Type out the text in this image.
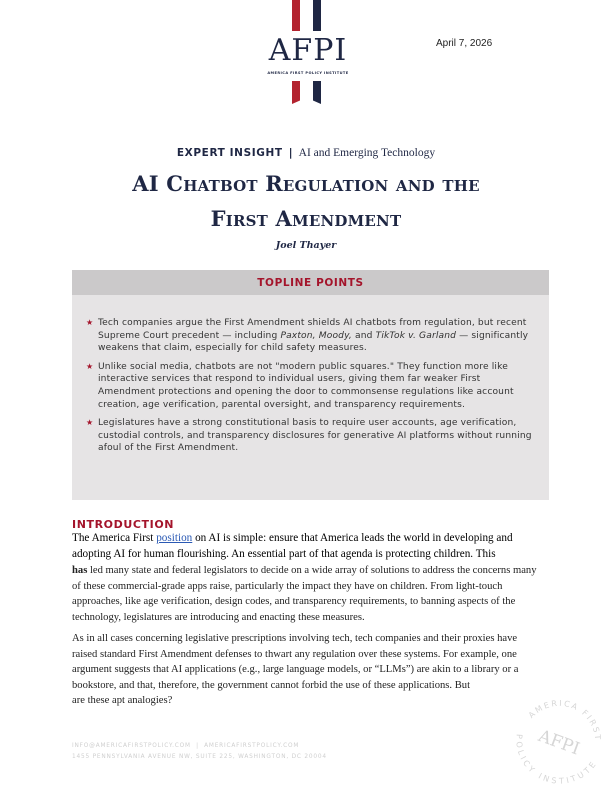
AFPI
AMERICA FIRST POLICY INSTITUTE
April 7, 2026
EXPERT INSIGHT | AI and Emerging Technology
AI Chatbot Regulation and the
First Amendment
Joel Thayer
TOPLINE POINTS
★ Tech companies argue the First Amendment shields AI chatbots from regulation, but recent Supreme Court precedent — including Paxton, Moody, and TikTok v. Garland — significantly weakens that claim, especially for child safety measures.
★ Unlike social media, chatbots are not "modern public squares." They function more like interactive services that respond to individual users, giving them far weaker First Amendment protections and opening the door to commonsense regulations like account creation, age verification, parental oversight, and transparency requirements.
★ Legislatures have a strong constitutional basis to require user accounts, age verification, custodial controls, and transparency disclosures for generative AI platforms without running afoul of the First Amendment.
INTRODUCTION
The America First position on AI is simple: ensure that America leads the world in developing and adopting AI for human flourishing. An essential part of that agenda is protecting children. This
has led many state and federal legislators to decide on a wide array of solutions to address the concerns many of these commercial-grade apps raise, particularly the impact they have on children. From light-touch approaches, like age verification, design codes, and transparency requirements, to banning aspects of the technology, legislatures are introducing and enacting these measures.
As in all cases concerning legislative prescriptions involving tech, tech companies and their proxies have raised standard First Amendment defenses to thwart any regulation over these systems. For example, one argument suggests that AI applications (e.g., large language models, or “LLMs”) are akin to a library or a bookstore, and that, therefore, the government cannot forbid the use of these applications. But
are these apt analogies?
INFO@AMERICAFIRSTPOLICY.COM | AMERICAFIRSTPOLICY.COM
1455 PENNSYLVANIA AVENUE NW, SUITE 225, WASHINGTON, DC 20004
AMERICA FIRST
POLICY INSTITUTE
AFPI
